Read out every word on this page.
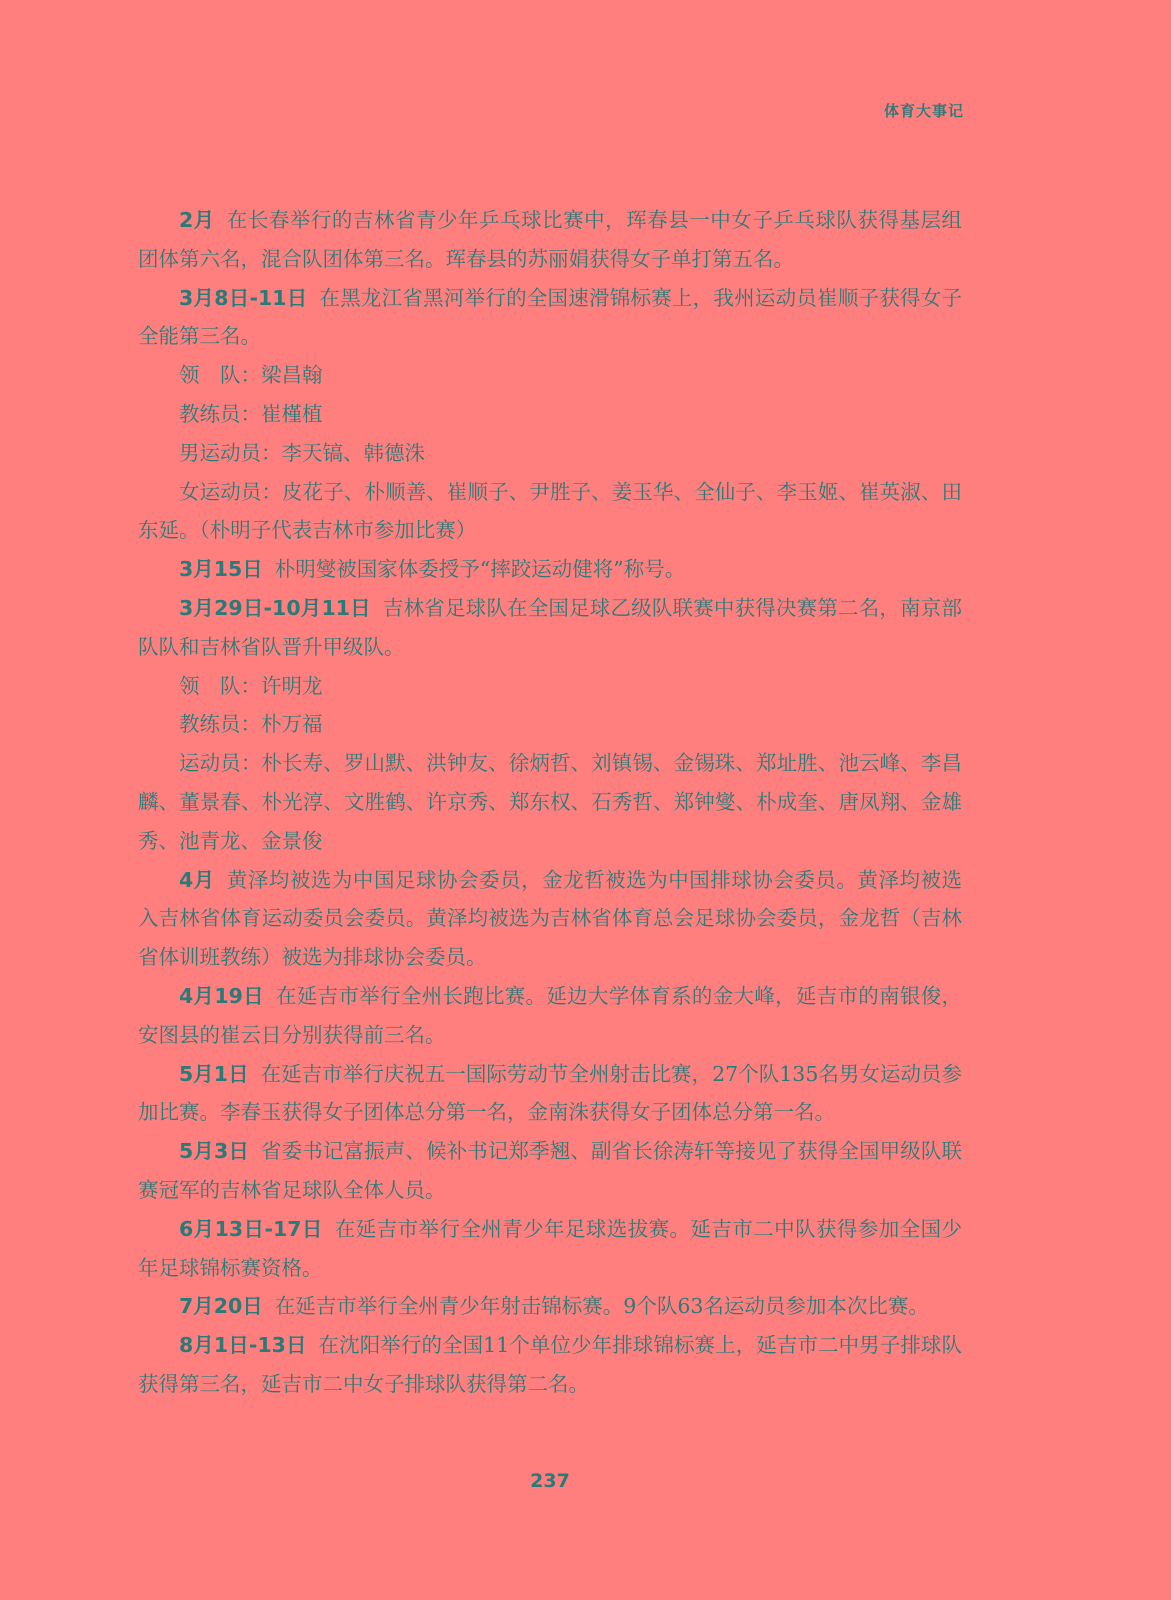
体育大事记

2月 在长春举行的吉林省青少年乒乓球比赛中，珲春县一中女子乒乓球队获得基层组团体第六名，混合队团体第三名。珲春县的苏丽娟获得女子单打第五名。

3月8日-11日 在黑龙江省黑河举行的全国速滑锦标赛上，我州运动员崔顺子获得女子全能第三名。

领　队：梁昌翰

教练员：崔槿植

男运动员：李天镐、韩德洙

女运动员：皮花子、朴顺善、崔顺子、尹胜子、姜玉华、全仙子、李玉姬、崔英淑、田东延。（朴明子代表吉林市参加比赛）

3月15日 朴明燮被国家体委授予“摔跤运动健将”称号。

3月29日-10月11日 吉林省足球队在全国足球乙级队联赛中获得决赛第二名，南京部队队和吉林省队晋升甲级队。

领　队：许明龙

教练员：朴万福

运动员：朴长寿、罗山默、洪钟友、徐炳哲、刘镇锡、金锡珠、郑址胜、池云峰、李昌麟、董景春、朴光淳、文胜鹤、许京秀、郑东权、石秀哲、郑钟燮、朴成奎、唐凤翔、金雄秀、池青龙、金景俊

4月 黄泽均被选为中国足球协会委员，金龙哲被选为中国排球协会委员。黄泽均被选入吉林省体育运动委员会委员。黄泽均被选为吉林省体育总会足球协会委员，金龙哲（吉林省体训班教练）被选为排球协会委员。

4月19日 在延吉市举行全州长跑比赛。延边大学体育系的金大峰，延吉市的南银俊，安图县的崔云日分别获得前三名。

5月1日 在延吉市举行庆祝五一国际劳动节全州射击比赛，27个队135名男女运动员参加比赛。李春玉获得女子团体总分第一名，金南洙获得女子团体总分第一名。

5月3日 省委书记富振声、候补书记郑季翘、副省长徐涛轩等接见了获得全国甲级队联赛冠军的吉林省足球队全体人员。

6月13日-17日 在延吉市举行全州青少年足球选拔赛。延吉市二中队获得参加全国少年足球锦标赛资格。

7月20日 在延吉市举行全州青少年射击锦标赛。9个队63名运动员参加本次比赛。

8月1日-13日 在沈阳举行的全国11个单位少年排球锦标赛上，延吉市二中男子排球队获得第三名，延吉市二中女子排球队获得第二名。

237
